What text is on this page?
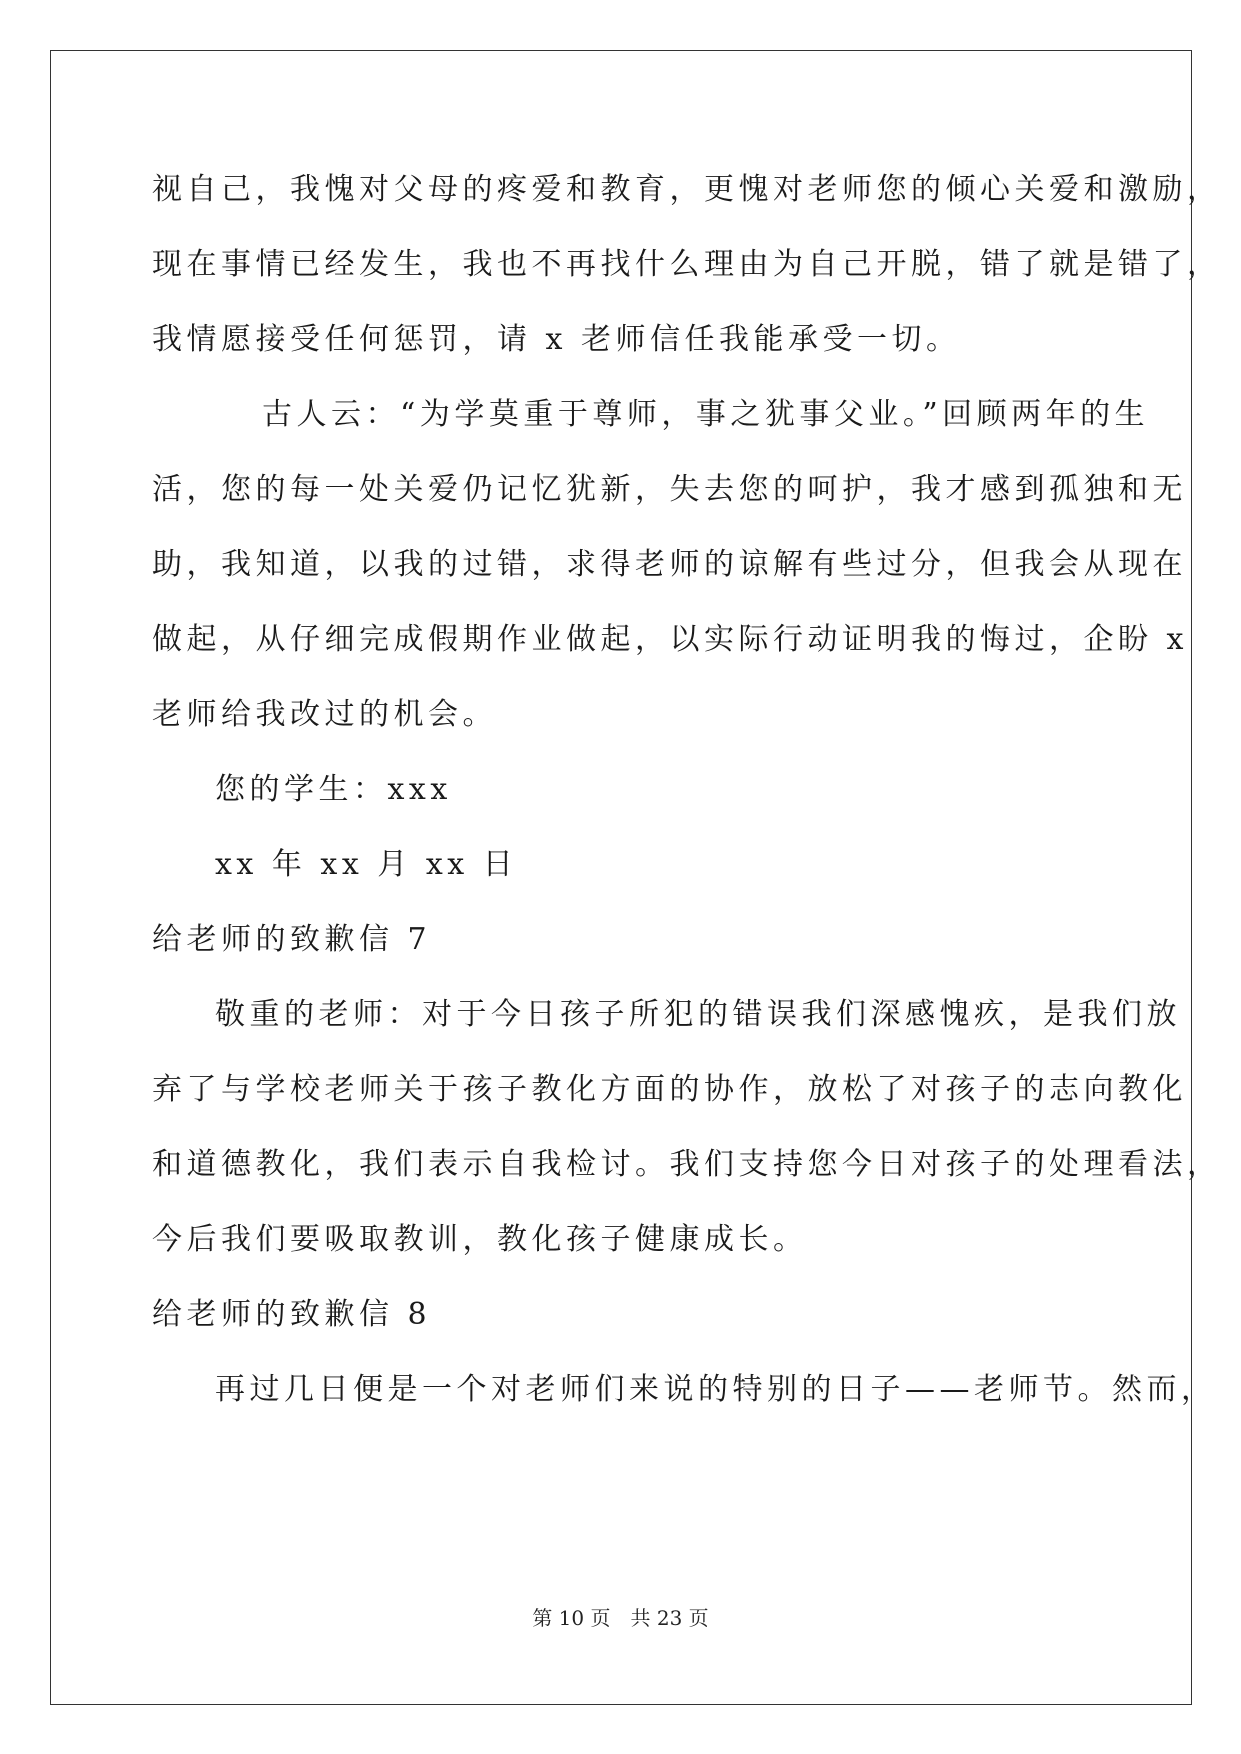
视自己，我愧对父母的疼爱和教育，更愧对老师您的倾心关爱和激励，
现在事情已经发生，我也不再找什么理由为自己开脱，错了就是错了，
我情愿接受任何惩罚，请 x 老师信任我能承受一切。
古人云：“为学莫重于尊师，事之犹事父业。”回顾两年的生
活，您的每一处关爱仍记忆犹新，失去您的呵护，我才感到孤独和无
助，我知道，以我的过错，求得老师的谅解有些过分，但我会从现在
做起，从仔细完成假期作业做起，以实际行动证明我的悔过，企盼 x
老师给我改过的机会。
您的学生：xxx
xx 年 xx 月 xx 日
给老师的致歉信 7
敬重的老师：对于今日孩子所犯的错误我们深感愧疚，是我们放
弃了与学校老师关于孩子教化方面的协作，放松了对孩子的志向教化
和道德教化，我们表示自我检讨。我们支持您今日对孩子的处理看法，
今后我们要吸取教训，教化孩子健康成长。
给老师的致歉信 8
再过几日便是一个对老师们来说的特别的日子——老师节。然而，
第 10 页　共 23 页
